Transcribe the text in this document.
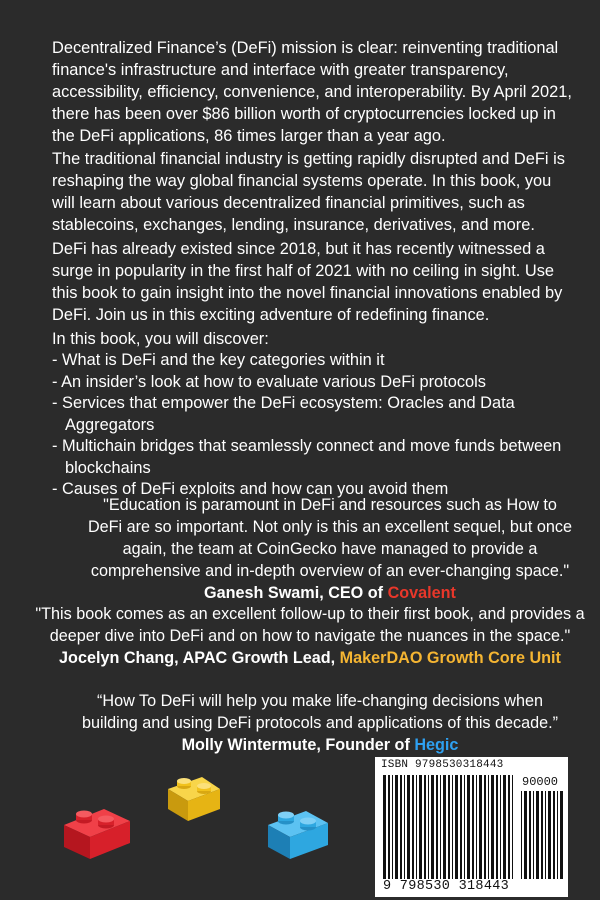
Decentralized Finance’s (DeFi) mission is clear: reinventing traditional finance's infrastructure and interface with greater transparency, accessibility, efficiency, convenience, and interoperability. By April 2021, there has been over $86 billion worth of cryptocurrencies locked up in the DeFi applications, 86 times larger than a year ago.

The traditional financial industry is getting rapidly disrupted and DeFi is reshaping the way global financial systems operate. In this book, you will learn about various decentralized financial primitives, such as stablecoins, exchanges, lending, insurance, derivatives, and more.

DeFi has already existed since 2018, but it has recently witnessed a surge in popularity in the first half of 2021 with no ceiling in sight. Use this book to gain insight into the novel financial innovations enabled by DeFi. Join us in this exciting adventure of redefining finance.

In this book, you will discover:

- What is DeFi and the key categories within it
- An insider’s look at how to evaluate various DeFi protocols
- Services that empower the DeFi ecosystem: Oracles and Data Aggregators
- Multichain bridges that seamlessly connect and move funds between blockchains
- Causes of DeFi exploits and how can you avoid them

"Education is paramount in DeFi and resources such as How to DeFi are so important. Not only is this an excellent sequel, but once again, the team at CoinGecko have managed to provide a comprehensive and in-depth overview of an ever-changing space."

Ganesh Swami, CEO of Covalent

"This book comes as an excellent follow-up to their first book, and provides a deeper dive into DeFi and on how to navigate the nuances in the space."

Jocelyn Chang, APAC Growth Lead, MakerDAO Growth Core Unit

“How To DeFi will help you make life-changing decisions when building and using DeFi protocols and applications of this decade.”

Molly Wintermute, Founder of Hegic

ISBN 9798530318443
90000
9 798530 318443
